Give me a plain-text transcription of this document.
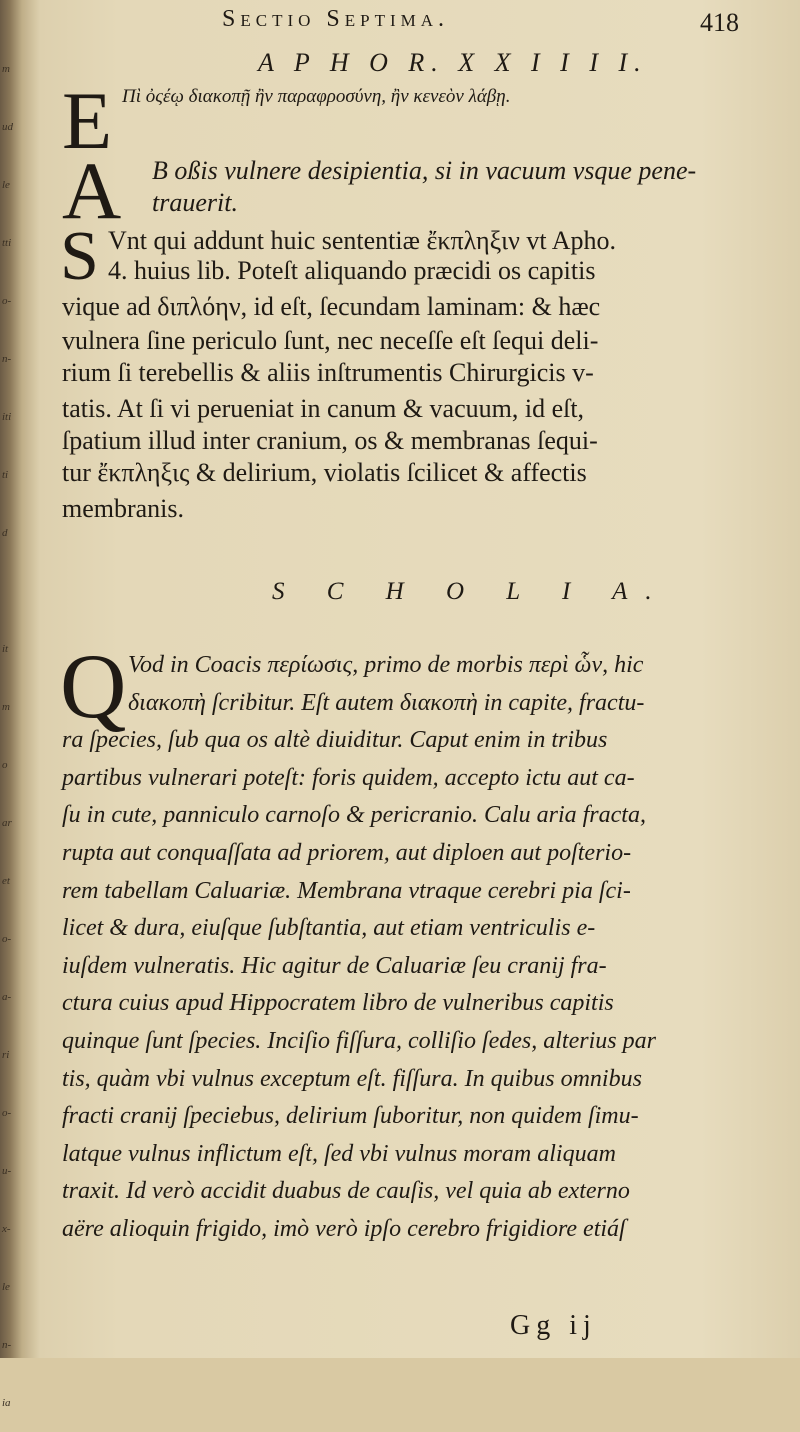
m
ud
le
tti
o-
n-
iti
ti
d

it
m
o
ar
et
o-
a-
ri
o-
u-
x-
le
n-
ia
Sectio Septima.	418
A P H O R. X X I I I I.
E Πὶ ὀςέῳ διακοπῇ ἢν παραφροσύνη, ἢν κενεὸν λάβῃ.
A B oßis vulnere desipientia, si in vacuum vsque pene-
trauerit.
S Vnt qui addunt huic sententiæ ἔκπληξιν vt Apho.
4. huius lib. Poteſt aliquando præcidi os capitis
vique ad διπλόην, id eſt, ſecundam laminam: & hæc
vulnera ſine periculo ſunt, nec neceſſe eſt ſequi deli-
rium ſi terebellis & aliis inſtrumentis Chirurgicis v-
tatis. At ſi vi perueniat in canum & vacuum, id eſt,
ſpatium illud inter cranium, os & membranas ſequi-
tur ἔκπληξις & delirium, violatis ſcilicet & affectis
membranis.
S C H O L I A.
Q Vod in Coacis περίωσις, primo de morbis περὶ ὧν, hic
διακοπὴ ſcribitur. Eſt autem διακοπὴ in capite, fractu-
ra ſpecies, ſub qua os altè diuiditur. Caput enim in tribus
partibus vulnerari poteſt: foris quidem, accepto ictu aut ca-
ſu in cute, panniculo carnoſo & pericranio. Calu aria fracta,
rupta aut conquaſſata ad priorem, aut diploen aut poſterio-
rem tabellam Caluariæ. Membrana vtraque cerebri pia ſci-
licet & dura, eiuſque ſubſtantia, aut etiam ventriculis e-
iuſdem vulneratis. Hic agitur de Caluariæ ſeu cranij fra-
ctura cuius apud Hippocratem libro de vulneribus capitis
quinque ſunt ſpecies. Inciſio fiſſura, colliſio ſedes, alterius par
tis, quàm vbi vulnus exceptum eſt. fiſſura. In quibus omnibus
fracti cranij ſpeciebus, delirium ſuboritur, non quidem ſimu-
latque vulnus inflictum eſt, ſed vbi vulnus moram aliquam
traxit. Id verò accidit duabus de cauſis, vel quia ab externo
aëre alioquin frigido, imò verò ipſo cerebro frigidiore etiáſ
Gg ij
